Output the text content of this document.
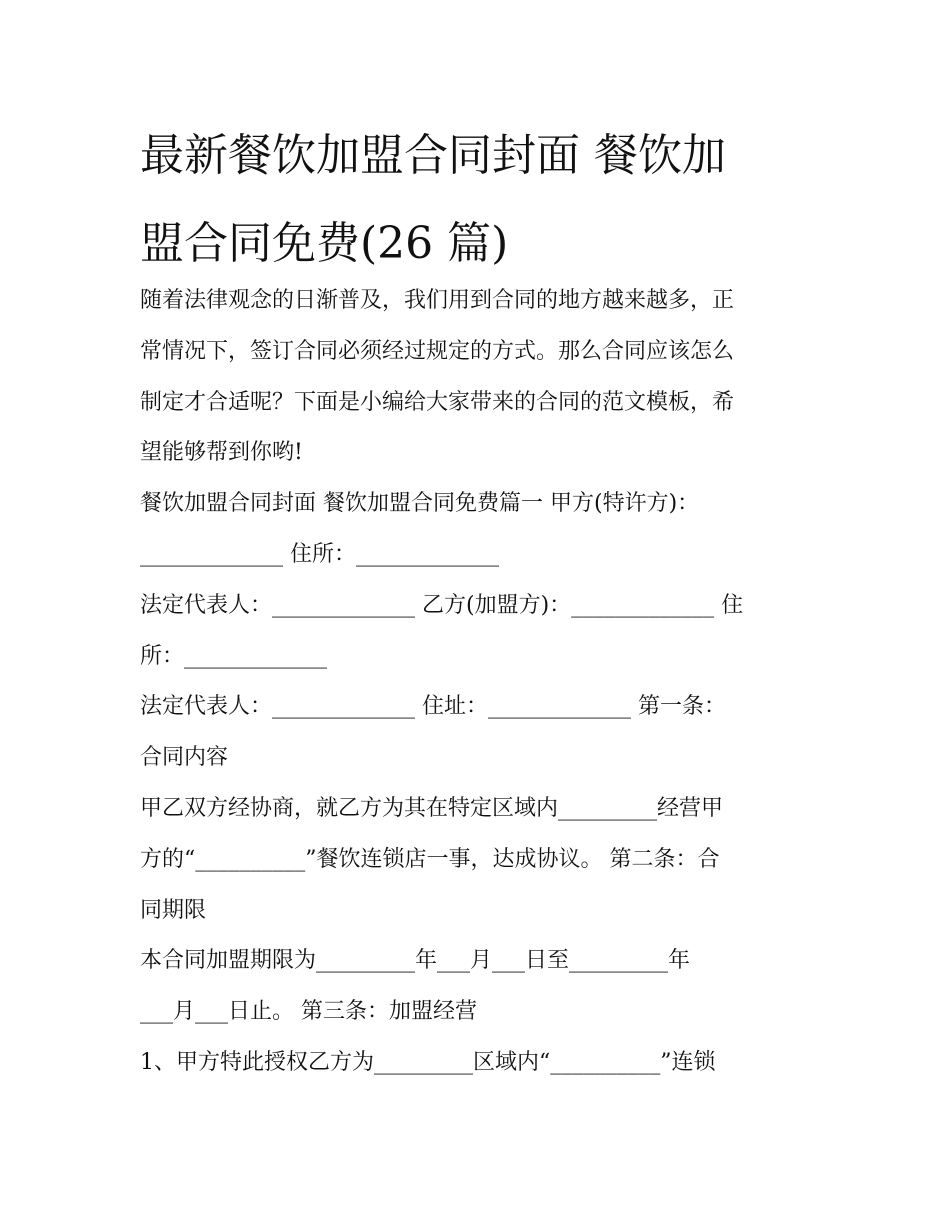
最新餐饮加盟合同封面 餐饮加
盟合同免费(26 篇)
随着法律观念的日渐普及，我们用到合同的地方越来越多，正
常情况下，签订合同必须经过规定的方式。那么合同应该怎么
制定才合适呢？下面是小编给大家带来的合同的范文模板，希
望能够帮到你哟!
餐饮加盟合同封面 餐饮加盟合同免费篇一 甲方(特许方)：
_____________ 住所：_____________
法定代表人：_____________ 乙方(加盟方)：_____________ 住
所：_____________
法定代表人：_____________ 住址：_____________ 第一条：
合同内容
甲乙双方经协商，就乙方为其在特定区域内_________经营甲
方的“__________”餐饮连锁店一事，达成协议。 第二条：合
同期限
本合同加盟期限为_________年___月___日至_________年
___月___日止。 第三条：加盟经营
1、甲方特此授权乙方为_________区域内“__________”连锁
